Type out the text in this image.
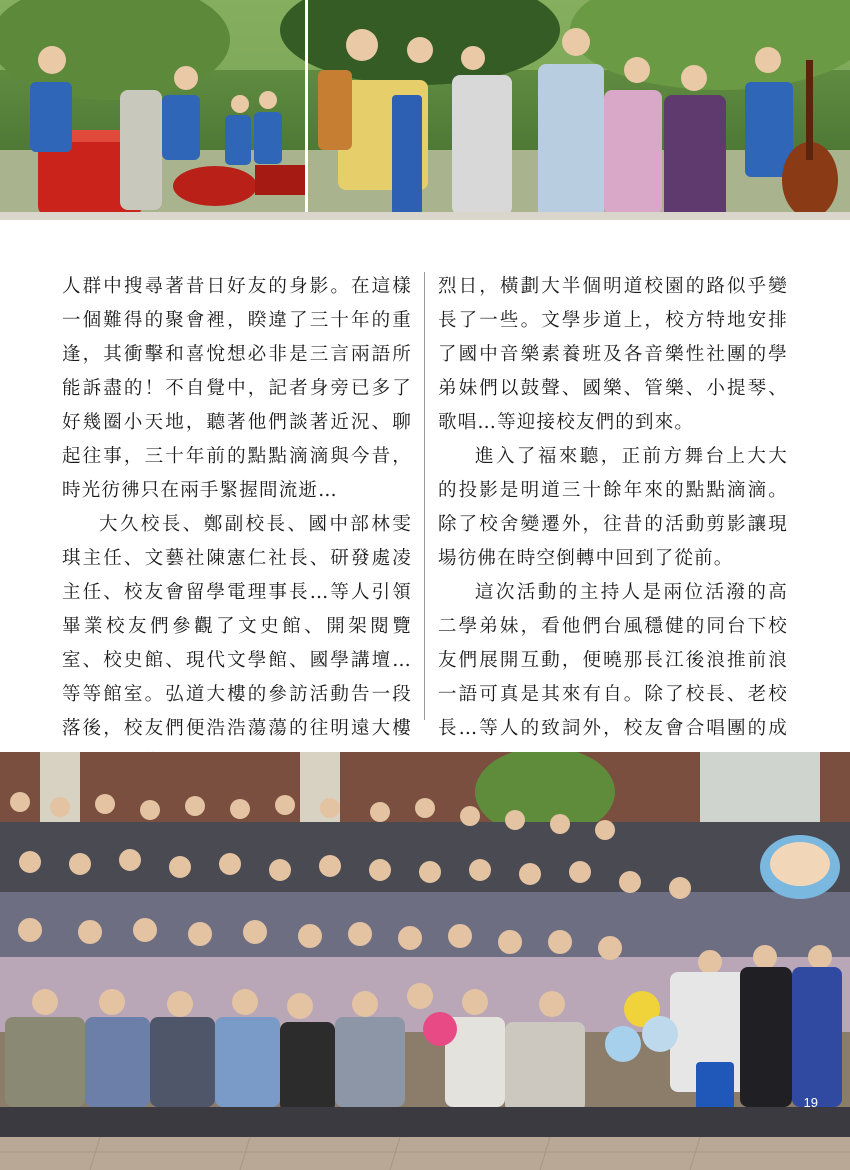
人群中搜尋著昔日好友的身影。在這樣一個難得的聚會裡，睽違了三十年的重逢，其衝擊和喜悅想必非是三言兩語所能訴盡的！不自覺中，記者身旁已多了好幾圈小天地，聽著他們談著近況、聊起往事，三十年前的點點滴滴與今昔，時光彷彿只在兩手緊握間流逝…

大久校長、鄭副校長、國中部林雯琪主任、文藝社陳憲仁社長、研發處凌主任、校友會留學電理事長…等人引領畢業校友們參觀了文史館、開架閱覽室、校史館、現代文學館、國學講壇…等等館室。弘道大樓的參訪活動告一段落後，校友們便浩浩蕩蕩的往明遠大樓

烈日，橫劃大半個明道校園的路似乎變長了一些。文學步道上，校方特地安排了國中音樂素養班及各音樂性社團的學弟妹們以鼓聲、國樂、管樂、小提琴、歌唱…等迎接校友們的到來。

進入了福來聽，正前方舞台上大大的投影是明道三十餘年來的點點滴滴。除了校舍變遷外，往昔的活動剪影讓現場彷佛在時空倒轉中回到了從前。

這次活動的主持人是兩位活潑的高二學弟妹，看他們台風穩健的同台下校友們展開互動，便曉那長江後浪推前浪一語可真是其來有自。除了校長、老校長…等人的致詞外，校友會合唱團的成

19
